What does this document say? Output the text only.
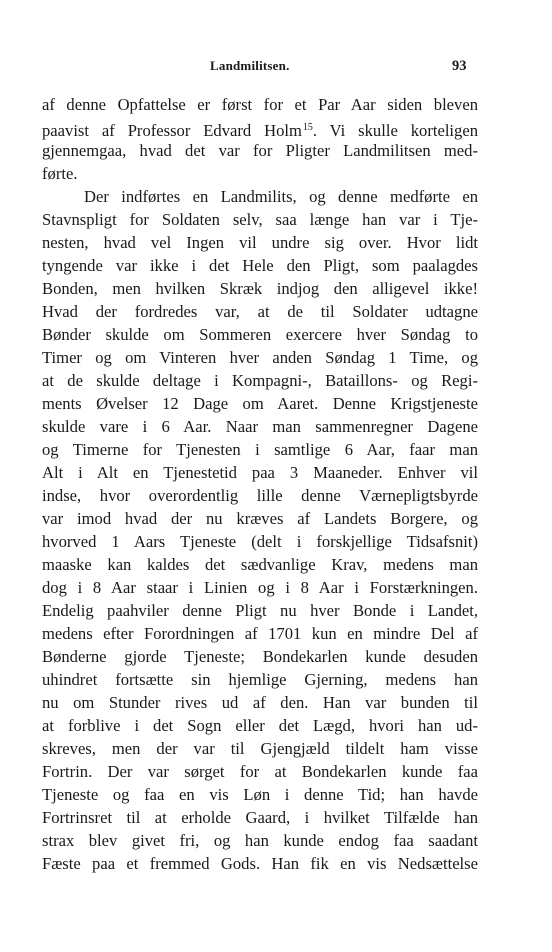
Landmilitsen.	93
af denne Opfattelse er først for et Par Aar siden bleven
paavist af Professor Edvard Holm$^{15}$. Vi skulle korteligen
gjennemgaa, hvad det var for Pligter Landmilitsen med-
førte.
Der indførtes en Landmilits, og denne medførte en
Stavnspligt for Soldaten selv, saa længe han var i Tje-
nesten, hvad vel Ingen vil undre sig over. Hvor lidt
tyngende var ikke i det Hele den Pligt, som paalagdes
Bonden, men hvilken Skræk indjog den alligevel ikke!
Hvad der fordredes var, at de til Soldater udtagne
Bønder skulde om Sommeren exercere hver Søndag to
Timer og om Vinteren hver anden Søndag 1 Time, og
at de skulde deltage i Kompagni-, Bataillons- og Regi-
ments Øvelser 12 Dage om Aaret. Denne Krigstjeneste
skulde vare i 6 Aar. Naar man sammenregner Dagene
og Timerne for Tjenesten i samtlige 6 Aar, faar man
Alt i Alt en Tjenestetid paa 3 Maaneder. Enhver vil
indse, hvor overordentlig lille denne Værnepligtsbyrde
var imod hvad der nu kræves af Landets Borgere, og
hvorved 1 Aars Tjeneste (delt i forskjellige Tidsafsnit)
maaske kan kaldes det sædvanlige Krav, medens man
dog i 8 Aar staar i Linien og i 8 Aar i Forstærkningen.
Endelig paahviler denne Pligt nu hver Bonde i Landet,
medens efter Forordningen af 1701 kun en mindre Del af
Bønderne gjorde Tjeneste; Bondekarlen kunde desuden
uhindret fortsætte sin hjemlige Gjerning, medens han
nu om Stunder rives ud af den. Han var bunden til
at forblive i det Sogn eller det Lægd, hvori han ud-
skreves, men der var til Gjengjæld tildelt ham visse
Fortrin. Der var sørget for at Bondekarlen kunde faa
Tjeneste og faa en vis Løn i denne Tid; han havde
Fortrinsret til at erholde Gaard, i hvilket Tilfælde han
strax blev givet fri, og han kunde endog faa saadant
Fæste paa et fremmed Gods. Han fik en vis Nedsættelse
